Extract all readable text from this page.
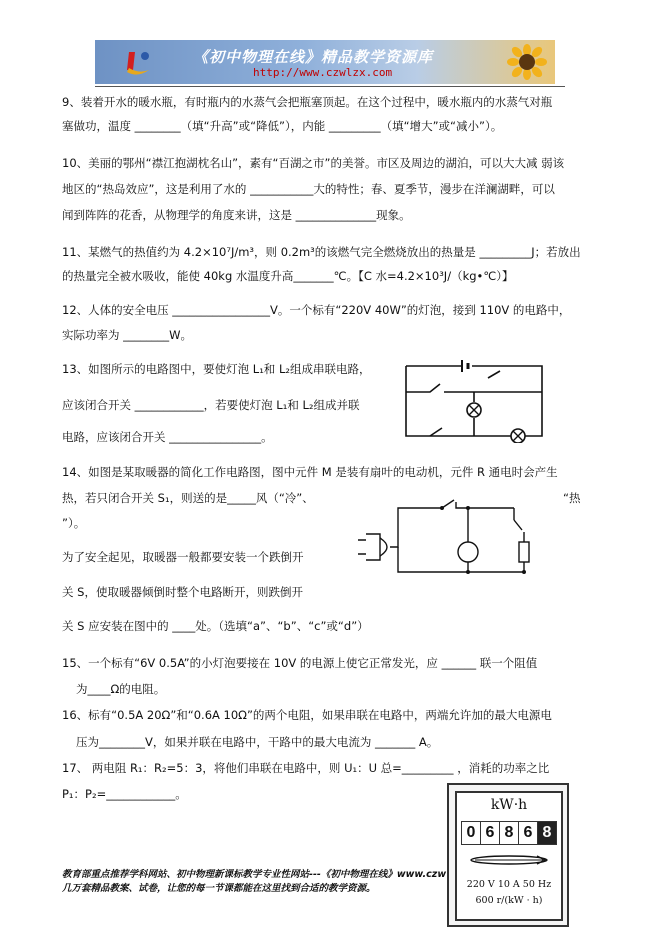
《初中物理在线》精品教学资源库
http://www.czwlzx.com
9、装着开水的暖水瓶，有时瓶内的水蒸气会把瓶塞顶起。在这个过程中，暖水瓶内的水蒸气对瓶
塞做功，温度 ________（填“升高”或“降低”），内能 _________（填“增大”或“减小”）。
10、美丽的鄂州“襟江抱湖枕名山”，素有“百湖之市”的美誉。市区及周边的湖泊，可以大大减 弱该
地区的“热岛效应”，这是利用了水的 ___________大的特性；春、夏季节，漫步在洋澜湖畔，可以
闻到阵阵的花香，从物理学的角度来讲，这是 ______________现象。
11、某燃气的热值约为 4.2×10⁷J/m³，则 0.2m³的该燃气完全燃烧放出的热量是 _________J；若放出
的热量完全被水吸收，能使 40kg 水温度升高_______℃。【C 水=4.2×10³J/（kg•℃）】
12、人体的安全电压 _________________V。一个标有“220V 40W”的灯泡，接到 110V 的电路中，
实际功率为 ________W。
13、如图所示的电路图中，要使灯泡 L₁和 L₂组成串联电路，
应该闭合开关 ____________，若要使灯泡 L₁和 L₂组成并联
电路，应该闭合开关 ________________。
14、如图是某取暖器的简化工作电路图，图中元件 M 是装有扇叶的电动机，元件 R 通电时会产生
热，若只闭合开关 S₁，则送的是_____风（“冷”、	“热
”）。
为了安全起见，取暖器一般都要安装一个跌倒开
关 S，使取暖器倾倒时整个电路断开，则跌倒开
关 S 应安装在图中的 ____处。（选填“a”、“b”、“c”或“d”）
15、一个标有“6V 0.5A”的小灯泡要接在 10V 的电源上使它正常发光，应 ______ 联一个阻值
为____Ω的电阻。
16、标有“0.5A 20Ω”和“0.6A 10Ω”的两个电阻，如果串联在电路中，两端允许加的最大电源电
压为________V，如果并联在电路中，干路中的最大电流为 _______ A。
17、 两电阻 R₁：R₂=5：3，将他们串联在电路中，则 U₁：U 总=_________ ，消耗的功率之比
P₁：P₂=____________。
kW·h
0 6 8 6 8
220 V 10 A 50 Hz
600 r/(kW · h)
教育部重点推荐学科网站、初中物理新课标教学专业性网站---《初中物理在线》www.czw
几万套精品教案、试卷，让您的每一节课都能在这里找到合适的教学资源。
